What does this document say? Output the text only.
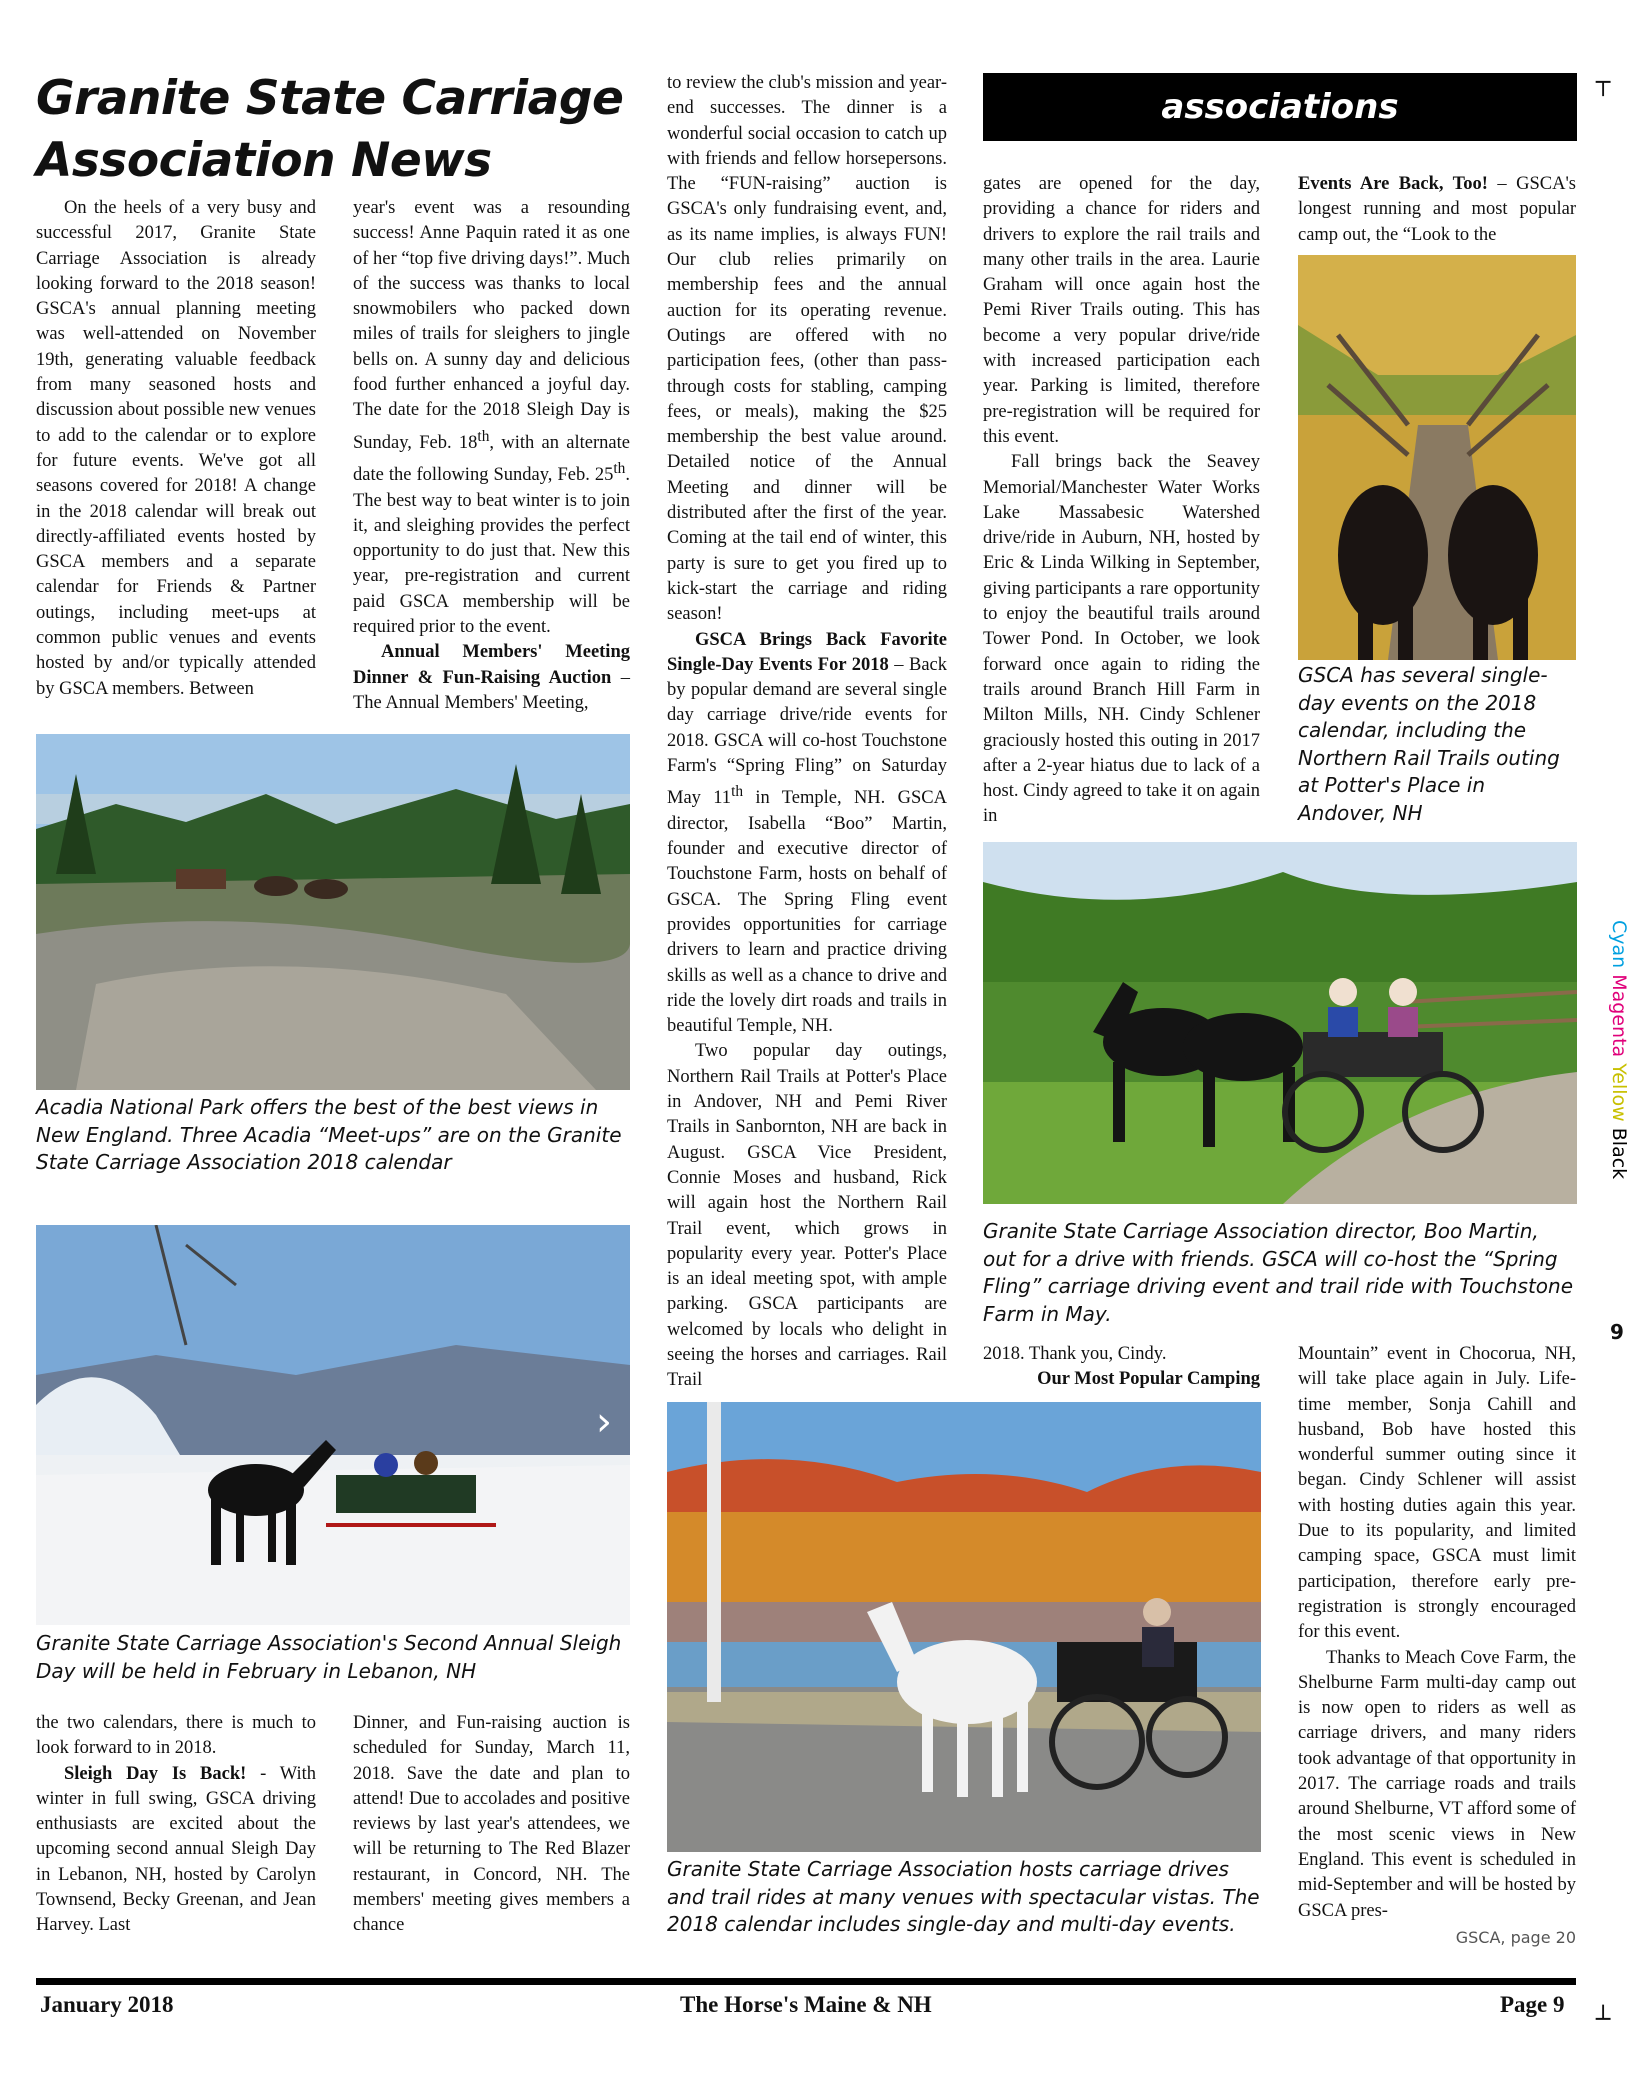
Granite State Carriage
Association News
associations

On the heels of a very busy and successful 2017, Granite State Carriage Association is already looking forward to the 2018 season! GSCA's annual planning meeting was well-attended on November 19th, generating valuable feedback from many seasoned hosts and discussion about possible new venues to add to the calendar or to explore for future events. We've got all seasons covered for 2018! A change in the 2018 calendar will break out directly-affiliated events hosted by GSCA members and a separate calendar for Friends & Partner outings, including meet-ups at common public venues and events hosted by and/or typically attended by GSCA members. Between

year's event was a resounding success! Anne Paquin rated it as one of her “top five driving days!”. Much of the success was thanks to local snowmobilers who packed down miles of trails for sleighers to jingle bells on. A sunny day and delicious food further enhanced a joyful day. The date for the 2018 Sleigh Day is Sunday, Feb. 18th, with an alternate date the following Sunday, Feb. 25th. The best way to beat winter is to join it, and sleighing provides the perfect opportunity to do just that. New this year, pre-registration and current paid GSCA membership will be required prior to the event.

Annual Members' Meeting Dinner & Fun-Raising Auction – The Annual Members' Meeting,

Acadia National Park offers the best of the best views in New England. Three Acadia “Meet-ups” are on the Granite State Carriage Association 2018 calendar
›
Granite State Carriage Association's Second Annual Sleigh Day will be held in February in Lebanon, NH

the two calendars, there is much to look forward to in 2018.

Sleigh Day Is Back! - With winter in full swing, GSCA driving enthusiasts are excited about the upcoming second annual Sleigh Day in Lebanon, NH, hosted by Carolyn Townsend, Becky Greenan, and Jean Harvey. Last

Dinner, and Fun-raising auction is scheduled for Sunday, March 11, 2018. Save the date and plan to attend! Due to accolades and positive reviews by last year's attendees, we will be returning to The Red Blazer restaurant, in Concord, NH. The members' meeting gives members a chance

to review the club's mission and year-end successes. The dinner is a wonderful social occasion to catch up with friends and fellow horsepersons. The “FUN-raising” auction is GSCA's only fundraising event, and, as its name implies, is always FUN! Our club relies primarily on membership fees and the annual auction for its operating revenue. Outings are offered with no participation fees, (other than pass-through costs for stabling, camping fees, or meals), making the $25 membership the best value around. Detailed notice of the Annual Meeting and dinner will be distributed after the first of the year. Coming at the tail end of winter, this party is sure to get you fired up to kick-start the carriage and riding season!

GSCA Brings Back Favorite Single-Day Events For 2018 – Back by popular demand are several single day carriage drive/ride events for 2018. GSCA will co-host Touchstone Farm's “Spring Fling” on Saturday May 11th in Temple, NH. GSCA director, Isabella “Boo” Martin, founder and executive director of Touchstone Farm, hosts on behalf of GSCA. The Spring Fling event provides opportunities for carriage drivers to learn and practice driving skills as well as a chance to drive and ride the lovely dirt roads and trails in beautiful Temple, NH.

Two popular day outings, Northern Rail Trails at Potter's Place in Andover, NH and Pemi River Trails in Sanbornton, NH are back in August. GSCA Vice President, Connie Moses and husband, Rick will again host the Northern Rail Trail event, which grows in popularity every year. Potter's Place is an ideal meeting spot, with ample parking. GSCA participants are welcomed by locals who delight in seeing the horses and carriages. Rail Trail

gates are opened for the day, providing a chance for riders and drivers to explore the rail trails and many other trails in the area. Laurie Graham will once again host the Pemi River Trails outing. This has become a very popular drive/ride with increased participation each year. Parking is limited, therefore pre-registration will be required for this event.

Fall brings back the Seavey Memorial/Manchester Water Works Lake Massabesic Watershed drive/ride in Auburn, NH, hosted by Eric & Linda Wilking in September, giving participants a rare opportunity to enjoy the beautiful trails around Tower Pond. In October, we look forward once again to riding the trails around Branch Hill Farm in Milton Mills, NH. Cindy Schlener graciously hosted this outing in 2017 after a 2-year hiatus due to lack of a host. Cindy agreed to take it on again in

Events Are Back, Too! – GSCA's longest running and most popular camp out, the “Look to the

GSCA has several single-day events on the 2018 calendar, including the Northern Rail Trails outing at Potter's Place in Andover, NH
Granite State Carriage Association director, Boo Martin, out for a drive with friends. GSCA will co-host the “Spring Fling” carriage driving event and trail ride with Touchstone Farm in May.

2018. Thank you, Cindy.

Our Most Popular Camping

Mountain” event in Chocorua, NH, will take place again in July. Life-time member, Sonja Cahill and husband, Bob have hosted this wonderful summer outing since it began. Cindy Schlener will assist with hosting duties again this year. Due to its popularity, and limited camping space, GSCA must limit participation, therefore early pre-registration is strongly encouraged for this event.

Thanks to Meach Cove Farm, the Shelburne Farm multi-day camp out is now open to riders as well as carriage drivers, and many riders took advantage of that opportunity in 2017. The carriage roads and trails around Shelburne, VT afford some of the most scenic views in New England. This event is scheduled in mid-September and will be hosted by GSCA pres-

GSCA, page 20
Granite State Carriage Association hosts carriage drives and trail rides at many venues with spectacular vistas. The 2018 calendar includes single-day and multi-day events.
January 2018	The Horse's Maine & NH	Page 9
┬
┴
Cyan Magenta Yellow Black
9
